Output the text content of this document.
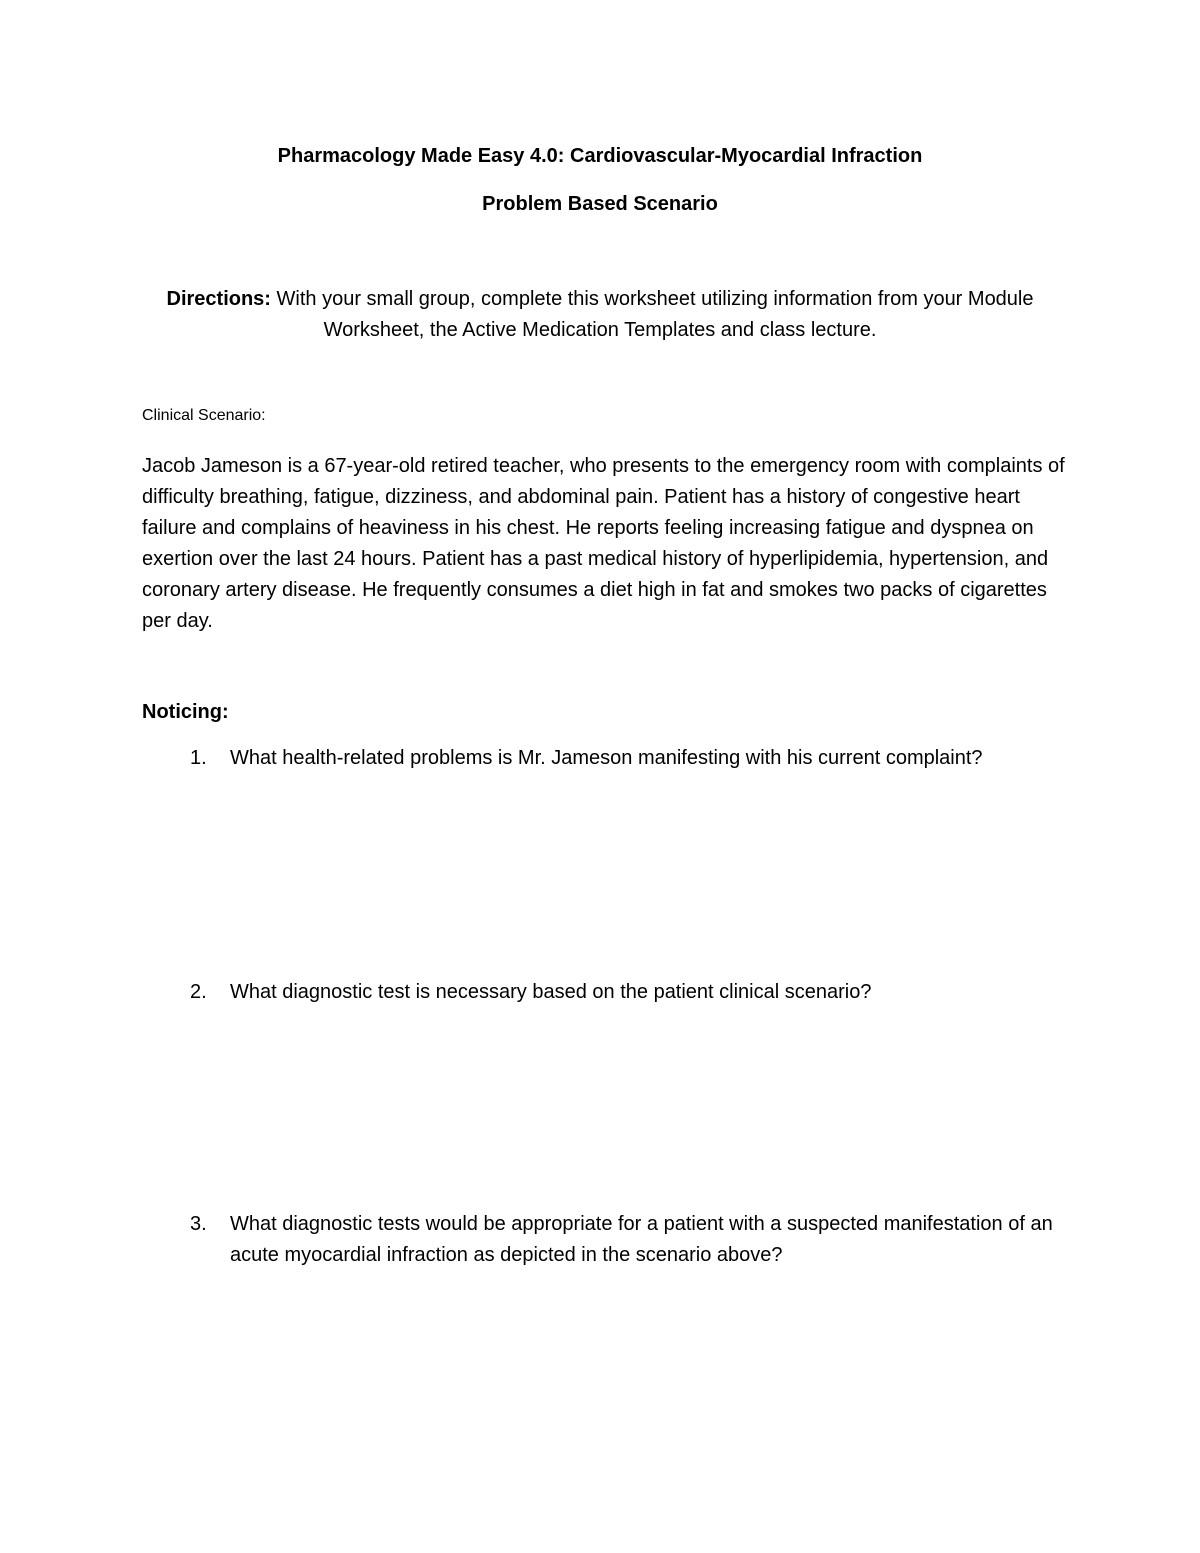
Pharmacology Made Easy 4.0: Cardiovascular-Myocardial Infraction
Problem Based Scenario
Directions: With your small group, complete this worksheet utilizing information from your Module Worksheet, the Active Medication Templates and class lecture.
Clinical Scenario:
Jacob Jameson is a 67-year-old retired teacher, who presents to the emergency room with complaints of difficulty breathing, fatigue, dizziness, and abdominal pain. Patient has a history of congestive heart failure and complains of heaviness in his chest. He reports feeling increasing fatigue and dyspnea on exertion over the last 24 hours. Patient has a past medical history of hyperlipidemia, hypertension, and coronary artery disease. He frequently consumes a diet high in fat and smokes two packs of cigarettes per day.
Noticing:
1.	What health-related problems is Mr. Jameson manifesting with his current complaint?
2.	What diagnostic test is necessary based on the patient clinical scenario?
3.	What diagnostic tests would be appropriate for a patient with a suspected manifestation of an acute myocardial infraction as depicted in the scenario above?
